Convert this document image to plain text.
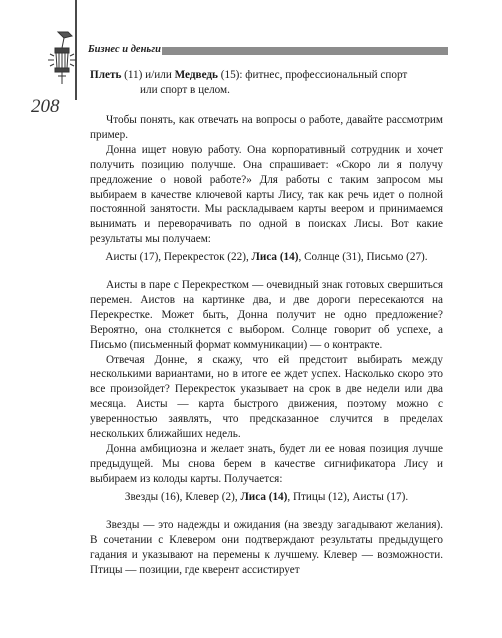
Бизнес и деньги
208

Плеть (11) и/или Медведь (15): фитнес, профессиональный спорт
или спорт в целом.

Чтобы понять, как отвечать на вопросы о работе, давайте рассмотрим пример.

Донна ищет новую работу. Она корпоративный сотрудник и хочет получить позицию получше. Она спрашивает: «Скоро ли я получу предложение о новой работе?» Для работы с таким запросом мы выбираем в качестве ключевой карты Лису, так как речь идет о полной постоянной занятости. Мы раскладываем карты веером и принимаемся вынимать и переворачивать по одной в поисках Лисы. Вот какие результаты мы получаем:

Аисты (17), Перекресток (22), Лиса (14), Солнце (31), Письмо (27).

Аисты в паре с Перекрестком — очевидный знак готовых свершиться перемен. Аистов на картинке два, и две дороги пересекаются на Перекрестке. Может быть, Донна получит не одно предложение? Вероятно, она столкнется с выбором. Солнце говорит об успехе, а Письмо (письменный формат коммуникации) — о контракте.

Отвечая Донне, я скажу, что ей предстоит выбирать между несколькими вариантами, но в итоге ее ждет успех. Насколько скоро это все произойдет? Перекресток указывает на срок в две недели или два месяца. Аисты — карта быстрого движения, поэтому можно с уверенностью заявлять, что предсказанное случится в пределах нескольких ближайших недель.

Донна амбициозна и желает знать, будет ли ее новая позиция лучше предыдущей. Мы снова берем в качестве сигнификатора Лису и выбираем из колоды карты. Получается:

Звезды (16), Клевер (2), Лиса (14), Птицы (12), Аисты (17).

Звезды — это надежды и ожидания (на звезду загадывают желания). В сочетании с Клевером они подтверждают результаты предыдущего гадания и указывают на перемены к лучшему. Клевер — возможности. Птицы — позиции, где кверент ассистирует
